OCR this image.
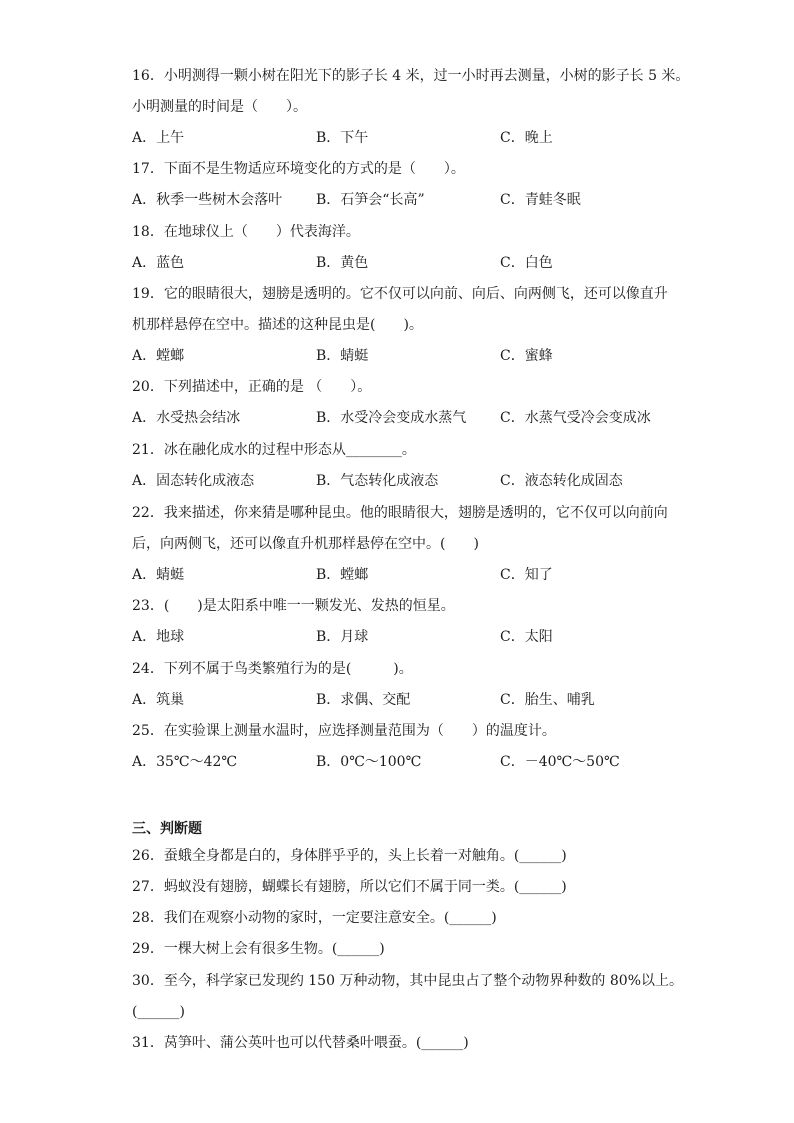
16．小明测得一颗小树在阳光下的影子长 4 米，过一小时再去测量，小树的影子长 5 米。
小明测量的时间是（　　）。
A．上午	B．下午	C．晚上
17．下面不是生物适应环境变化的方式的是（　　）。
A．秋季一些树木会落叶 B．石笋会“长高”	C．青蛙冬眠
18．在地球仪上（　　）代表海洋。
A．蓝色	B．黄色	C．白色
19．它的眼睛很大，翅膀是透明的。它不仅可以向前、向后、向两侧飞，还可以像直升
机那样悬停在空中。描述的这种昆虫是(　　)。
A．螳螂	B．蜻蜓	C．蜜蜂
20．下列描述中，正确的是 （　　）。
A．水受热会结冰	B．水受冷会变成水蒸气 C．水蒸气受冷会变成冰
21．冰在融化成水的过程中形态从________。
A．固态转化成液态	B．气态转化成液态	C．液态转化成固态
22．我来描述，你来猜是哪种昆虫。他的眼睛很大，翅膀是透明的，它不仅可以向前向
后，向两侧飞，还可以像直升机那样悬停在空中。(　　)
A．蜻蜓	B．螳螂	C．知了
23．(　　)是太阳系中唯一一颗发光、发热的恒星。
A．地球	B．月球	C．太阳
24．下列不属于鸟类繁殖行为的是(　　　)。
A．筑巢	B．求偶、交配	C．胎生、哺乳
25．在实验课上测量水温时，应选择测量范围为（　　）的温度计。
A．35℃～42℃	B．0℃～100℃	C．－40℃～50℃
三、判断题
26．蚕蛾全身都是白的，身体胖乎乎的，头上长着一对触角。(______)
27．蚂蚁没有翅膀，蝴蝶长有翅膀，所以它们不属于同一类。(______)
28．我们在观察小动物的家时，一定要注意安全。(______)
29．一棵大树上会有很多生物。(______)
30．至今，科学家已发现约 150 万种动物，其中昆虫占了整个动物界种数的 80%以上。
(______)
31．莴笋叶、蒲公英叶也可以代替桑叶喂蚕。(______)
